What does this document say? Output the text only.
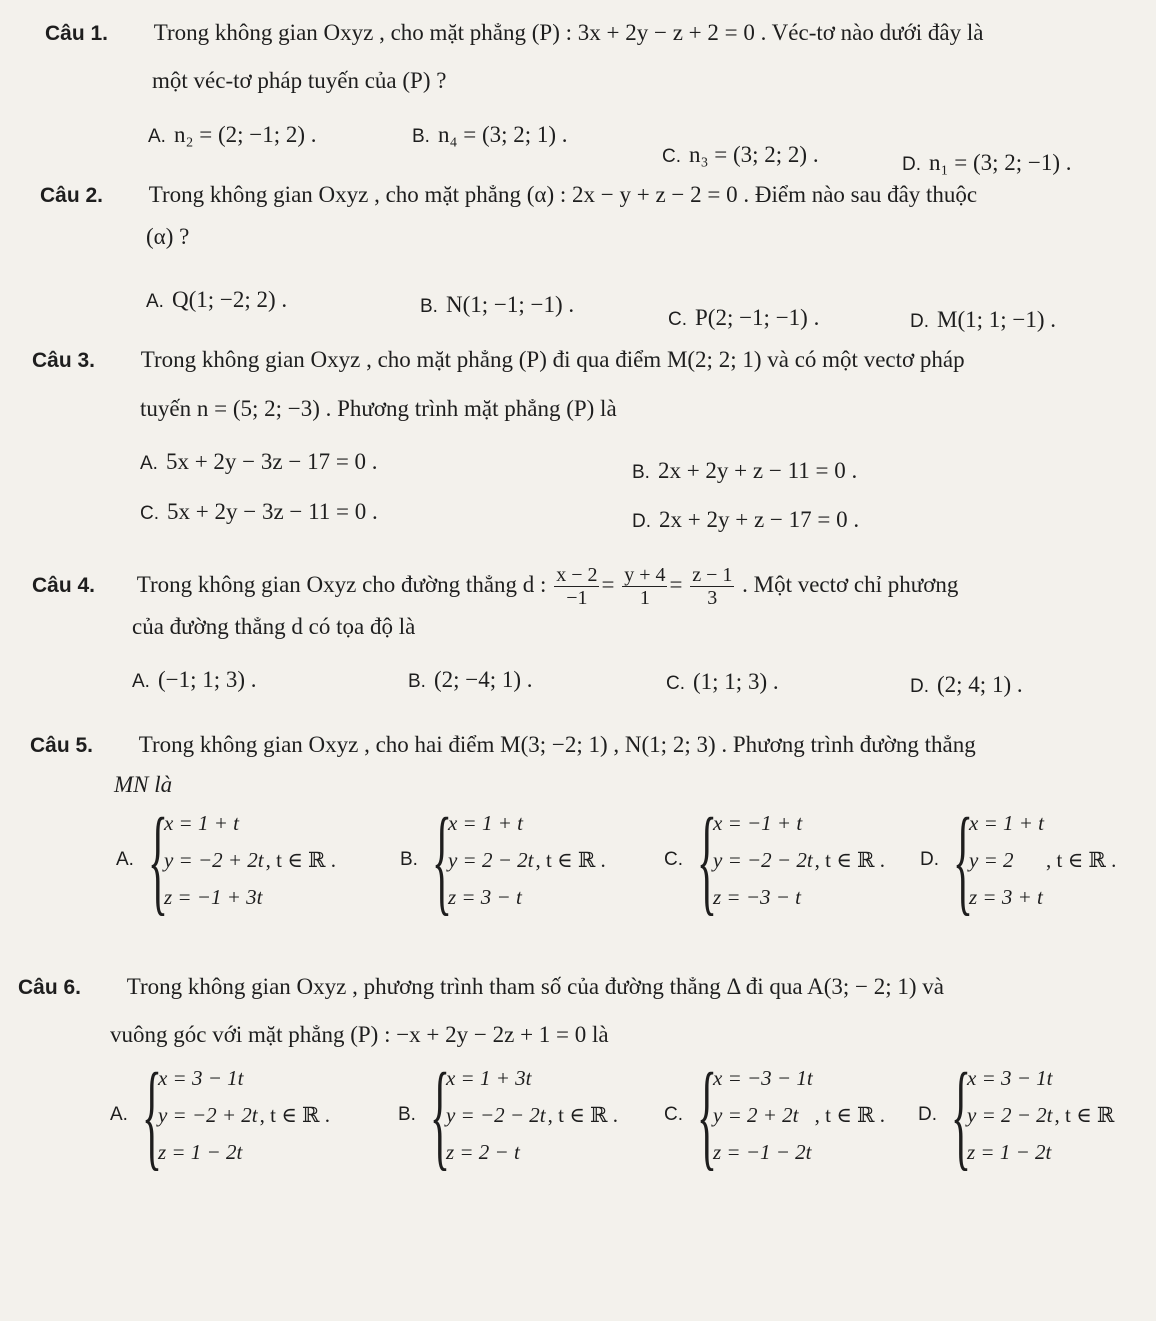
Câu 1. Trong không gian Oxyz , cho mặt phẳng (P) : 3x + 2y − z + 2 = 0 . Véc-tơ nào dưới đây là
một véc-tơ pháp tuyến của (P) ?
A. n₂ = (2; −1; 2) .	B. n₄ = (3; 2; 1) .
C. n₃ = (3; 2; 2) .	D. n₁ = (3; 2; −1) .
Câu 2. Trong không gian Oxyz , cho mặt phẳng (α) : 2x − y + z − 2 = 0 . Điểm nào sau đây thuộc
(α) ?
A. Q(1; −2; 2) .	B. N(1; −1; −1) .
C. P(2; −1; −1) .	D. M(1; 1; −1) .
Câu 3. Trong không gian Oxyz , cho mặt phẳng (P) đi qua điểm M(2; 2; 1) và có một vectơ pháp
tuyến n = (5; 2; −3) . Phương trình mặt phẳng (P) là
A. 5x + 2y − 3z − 17 = 0 .	B. 2x + 2y + z − 11 = 0 .
C. 5x + 2y − 3z − 11 = 0 .	D. 2x + 2y + z − 17 = 0 .
Câu 4. Trong không gian Oxyz cho đường thẳng d : $\frac{x - 2}{-1} = \frac{y + 4}{1} = \frac{z - 1}{3}$ . Một vectơ chỉ phương
của đường thẳng d có tọa độ là
A. (−1; 1; 3) .	B. (2; −4; 1) .	C. (1; 1; 3) .	D. (2; 4; 1) .
Câu 5. Trong không gian Oxyz , cho hai điểm M(3; −2; 1) , N(1; 2; 3) . Phương trình đường thẳng
MN là
A. {
x = 1 + t
y = −2 + 2t
z = −1 + 3t
, t ∈ ℝ .	B. {
x = 1 + t
y = 2 − 2t
z = 3 − t
, t ∈ ℝ .	C. {
x = −1 + t
y = −2 − 2t
z = −3 − t
, t ∈ ℝ . D. {
x = 1 + t
y = 2
z = 3 + t
, t ∈ ℝ .
Câu 6. Trong không gian Oxyz , phương trình tham số của đường thẳng Δ đi qua A(3; − 2; 1) và
vuông góc với mặt phẳng (P) : −x + 2y − 2z + 1 = 0 là
A. {
x = 3 − 1t
y = −2 + 2t
z = 1 − 2t
, t ∈ ℝ .	B. {
x = 1 + 3t
y = −2 − 2t
z = 2 − t
, t ∈ ℝ . C. {
x = −3 − 1t
y = 2 + 2t
z = −1 − 2t
, t ∈ ℝ . D. {
x = 3 − 1t
y = 2 − 2t
z = 1 − 2t
, t ∈ ℝ
